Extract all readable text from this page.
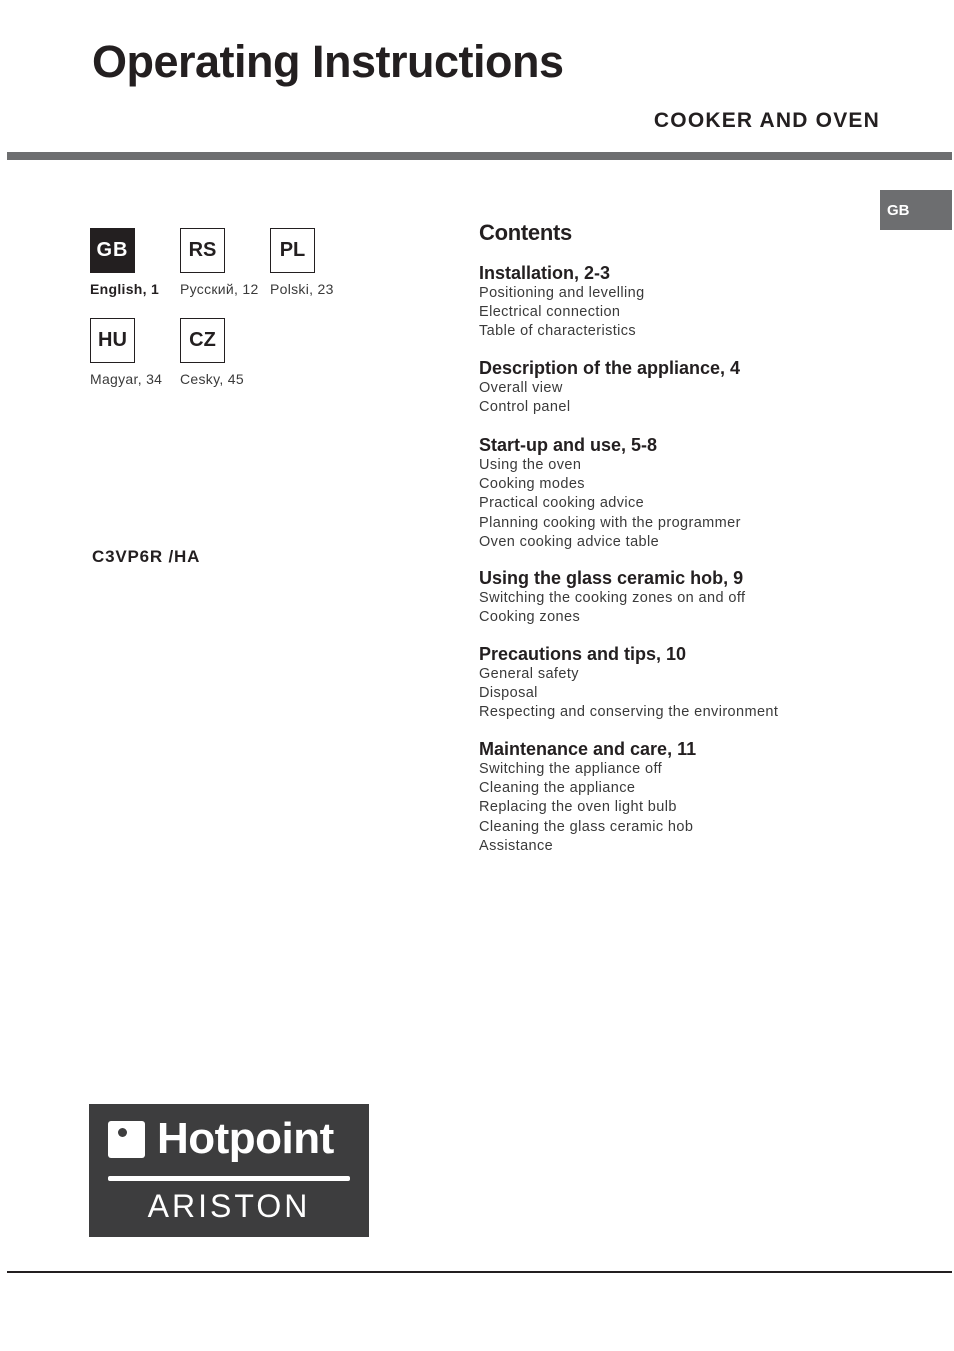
Operating Instructions
COOKER AND OVEN
GB
GB
English, 1
RS
Русский, 12
PL
Polski, 23
HU
Magyar, 34
CZ
Cesky, 45
C3VP6R /HA
Contents
Installation, 2-3
Positioning and levelling
Electrical connection
Table of characteristics
Description of the appliance, 4
Overall view
Control panel
Start-up and use, 5-8
Using the oven
Cooking modes
Practical cooking advice
Planning cooking with the programmer
Oven cooking advice table
Using the glass ceramic hob, 9
Switching the cooking zones on and off
Cooking zones
Precautions and tips, 10
General safety
Disposal
Respecting and conserving the environment
Maintenance and care, 11
Switching the appliance off
Cleaning the appliance
Replacing the oven light bulb
Cleaning the glass ceramic hob
Assistance
Hotpoint
ARISTON
